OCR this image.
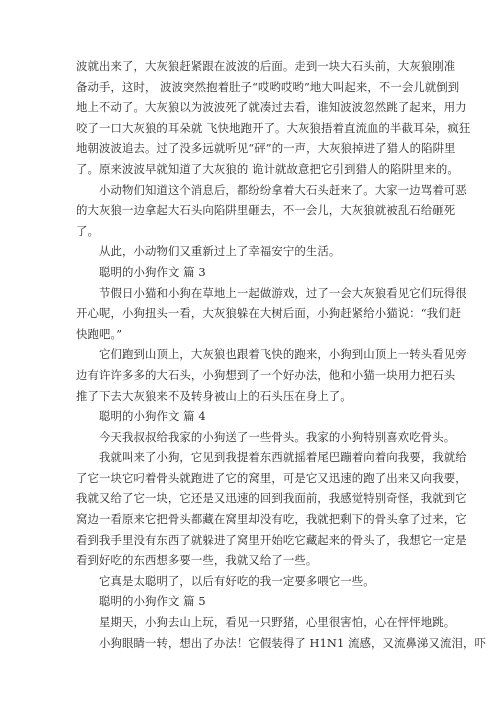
波就出来了，大灰狼赶紧跟在波波的后面。走到一块大石头前，大灰狼刚准
备动手，这时， 波波突然抱着肚子“哎哟哎哟”地大叫起来，不一会儿就倒到
地上不动了。大灰狼以为波波死了就凑过去看，谁知波波忽然跳了起来，用力
咬了一口大灰狼的耳朵就 飞快地跑开了。大灰狼捂着直流血的半截耳朵，疯狂
地朝波波追去。过了没多远就听见“砰”的一声，大灰狼掉进了猎人的陷阱里
了。原来波波早就知道了大灰狼的 诡计就故意把它引到猎人的陷阱里来的。
小动物们知道这个消息后，都纷纷拿着大石头赶来了。大家一边骂着可恶
的大灰狼一边拿起大石头向陷阱里砸去，不一会儿，大灰狼就被乱石给砸死
了。
从此，小动物们又重新过上了幸福安宁的生活。
聪明的小狗作文 篇 3
节假日小猫和小狗在草地上一起做游戏，过了一会大灰狼看见它们玩得很
开心呢，小狗扭头一看，大灰狼躲在大树后面，小狗赶紧给小猫说：“我们赶
快跑吧。”
它们跑到山顶上，大灰狼也跟着飞快的跑来，小狗到山顶上一转头看见旁
边有许许多多的大石头，小狗想到了一个好办法，他和小猫一块用力把石头
推了下去大灰狼来不及转身被山上的石头压在身上了。
聪明的小狗作文 篇 4
今天我叔叔给我家的小狗送了一些骨头。我家的小狗特别喜欢吃骨头。
我就叫来了小狗，它见到我提着东西就摇着尾巴蹦着向着向我要，我就给
了它一块它叼着骨头就跑进了它的窝里，可是它又迅速的跑了出来又向我要，
我就又给了它一块，它还是又迅速的回到我面前，我感觉特别奇怪，我就到它
窝边一看原来它把骨头都藏在窝里却没有吃，我就把剩下的骨头拿了过来，它
看到我手里没有东西了就躲进了窝里开始吃它藏起来的骨头了，我想它一定是
看到好吃的东西想多要一些，我就又给了一些。
它真是太聪明了，以后有好吃的我一定要多喂它一些。
聪明的小狗作文 篇 5
星期天，小狗去山上玩，看见一只野猪，心里很害怕，心在怦怦地跳。
小狗眼睛一转，想出了办法！它假装得了 H1N1 流感，又流鼻涕又流泪，吓
